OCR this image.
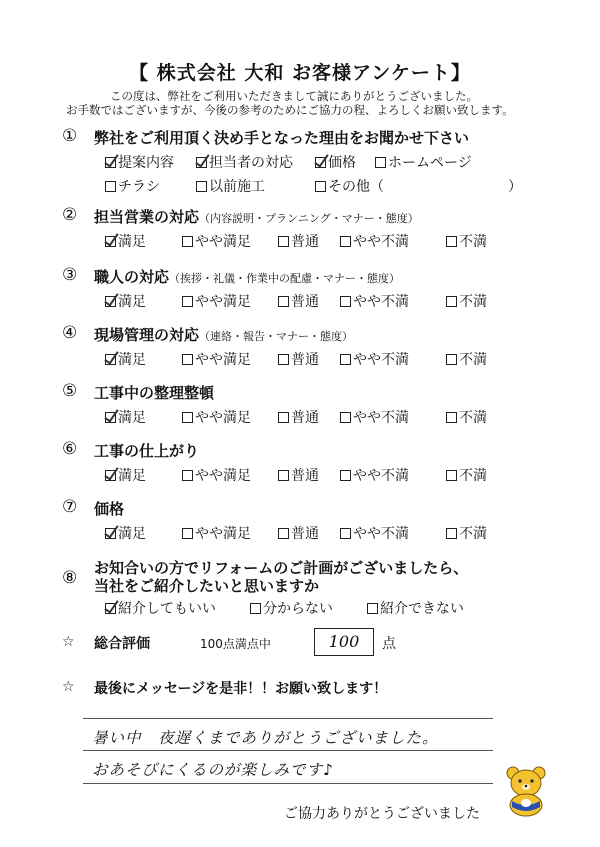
【 株式会社 大和 お客様アンケート】
この度は、弊社をご利用いただきまして誠にありがとうございました。
お手数ではございますが、今後の参考のためにご協力の程、よろしくお願い致します。
① 弊社をご利用頂く決め手となった理由をお聞かせ下さい
提案内容	担当者の対応	価格 ホームページ
チラシ	以前施工	その他（	）
② 担当営業の対応（内容説明・プランニング・マナー・態度）
満足	やや満足	普通 やや不満	不満
③ 職人の対応（挨拶・礼儀・作業中の配慮・マナー・態度）
満足	やや満足	普通 やや不満	不満
④ 現場管理の対応（連絡・報告・マナー・態度）
満足	やや満足	普通 やや不満	不満
⑤ 工事中の整理整頓
満足	やや満足	普通 やや不満	不満
⑥ 工事の仕上がり
満足	やや満足	普通 やや不満	不満
⑦ 価格
満足	やや満足	普通 やや不満	不満
⑧ お知合いの方でリフォームのご計画がございましたら、
当社をご紹介したいと思いますか
紹介してもいい	分からない	紹介できない
☆ 総合評価	100点満点中	100	点
☆ 最後にメッセージを是非！！お願い致します！
暑い中　夜遅くまでありがとうございました。
おあそびにくるのが楽しみです♪
ご協力ありがとうございました
